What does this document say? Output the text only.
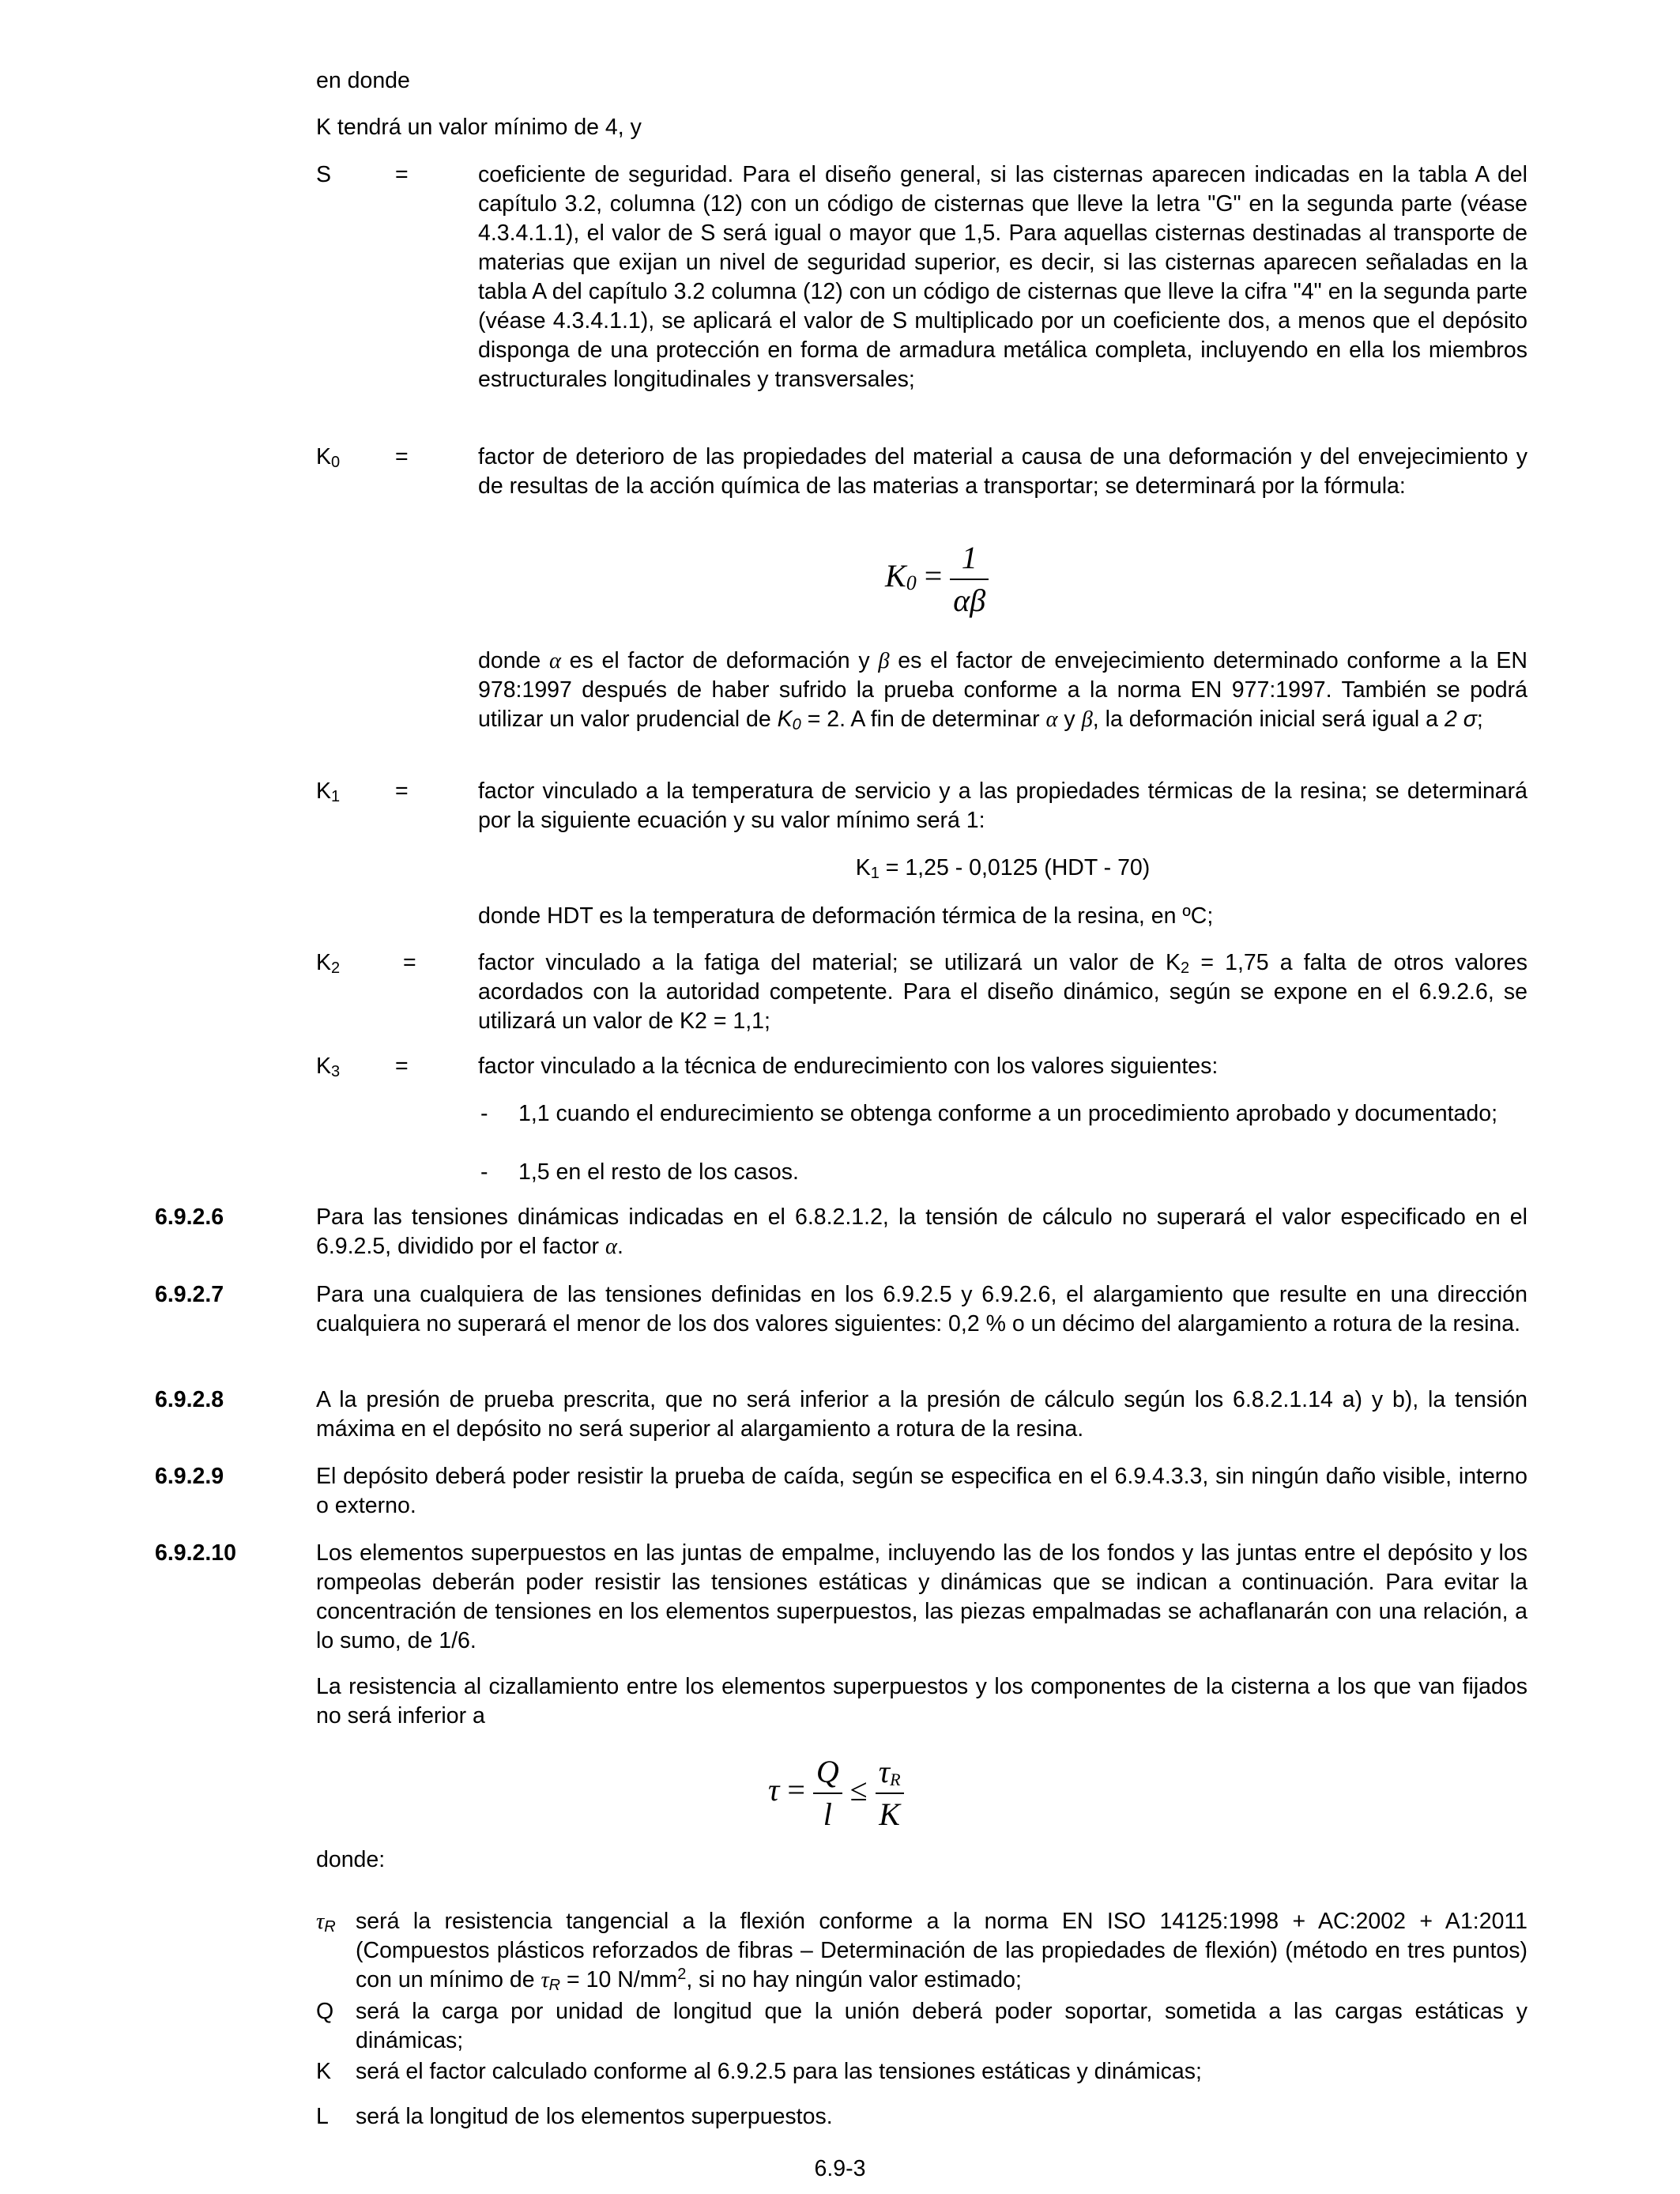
en donde
K tendrá un valor mínimo de 4, y
S	=	coeficiente de seguridad. Para el diseño general, si las cisternas aparecen indicadas en la tabla A del capítulo 3.2, columna (12) con un código de cisternas que lleve la letra "G" en la segunda parte (véase 4.3.4.1.1), el valor de S será igual o mayor que 1,5. Para aquellas cisternas destinadas al transporte de materias que exijan un nivel de seguridad superior, es decir, si las cisternas aparecen señaladas en la tabla A del capítulo 3.2 columna (12) con un código de cisternas que lleve la cifra "4" en la segunda parte (véase 4.3.4.1.1), se aplicará el valor de S multiplicado por un coeficiente dos, a menos que el depósito disponga de una protección en forma de armadura metálica completa, incluyendo en ella los miembros estructurales longitudinales y transversales;
$K_0$ =	factor de deterioro de las propiedades del material a causa de una deformación y del envejecimiento y de resultas de la acción química de las materias a transportar; se determinará por la fórmula:
$K_0 = \frac{1}{\alpha\beta}$
donde α es el factor de deformación y β es el factor de envejecimiento determinado conforme a la EN 978:1997 después de haber sufrido la prueba conforme a la norma EN 977:1997. También se podrá utilizar un valor prudencial de $K_0 = 2$. A fin de determinar α y β, la deformación inicial será igual a 2 σ;
$K_1$ =	factor vinculado a la temperatura de servicio y a las propiedades térmicas de la resina; se determinará por la siguiente ecuación y su valor mínimo será 1:
$K_1 = 1,25 - 0,0125$ (HDT - 70)
donde HDT es la temperatura de deformación térmica de la resina, en ºC;
$K_2$	=	factor vinculado a la fatiga del material; se utilizará un valor de $K_2 = 1,75$ a falta de otros valores acordados con la autoridad competente. Para el diseño dinámico, según se expone en el 6.9.2.6, se utilizará un valor de K2 = 1,1;
$K_3$ =	factor vinculado a la técnica de endurecimiento con los valores siguientes:
- 1,1 cuando el endurecimiento se obtenga conforme a un procedimiento aprobado y documentado;
- 1,5 en el resto de los casos.
6.9.2.6	Para las tensiones dinámicas indicadas en el 6.8.2.1.2, la tensión de cálculo no superará el valor especificado en el 6.9.2.5, dividido por el factor α.
6.9.2.7	Para una cualquiera de las tensiones definidas en los 6.9.2.5 y 6.9.2.6, el alargamiento que resulte en una dirección cualquiera no superará el menor de los dos valores siguientes: 0,2 % o un décimo del alargamiento a rotura de la resina.
6.9.2.8	A la presión de prueba prescrita, que no será inferior a la presión de cálculo según los 6.8.2.1.14 a) y b), la tensión máxima en el depósito no será superior al alargamiento a rotura de la resina.
6.9.2.9	El depósito deberá poder resistir la prueba de caída, según se especifica en el 6.9.4.3.3, sin ningún daño visible, interno o externo.
6.9.2.10	Los elementos superpuestos en las juntas de empalme, incluyendo las de los fondos y las juntas entre el depósito y los rompeolas deberán poder resistir las tensiones estáticas y dinámicas que se indican a continuación. Para evitar la concentración de tensiones en los elementos superpuestos, las piezas empalmadas se achaflanarán con una relación, a lo sumo, de 1/6.
La resistencia al cizallamiento entre los elementos superpuestos y los componentes de la cisterna a los que van fijados no será inferior a
$\tau = \frac{Q}{l} \le \frac{\tau_R}{K}$
donde:
$\tau_R$ será la resistencia tangencial a la flexión conforme a la norma EN ISO 14125:1998 + AC:2002 + A1:2011 (Compuestos plásticos reforzados de fibras – Determinación de las propiedades de flexión) (método en tres puntos) con un mínimo de $\tau_R = 10$ $N/mm^2$, si no hay ningún valor estimado;
Q será la carga por unidad de longitud que la unión deberá poder soportar, sometida a las cargas estáticas y dinámicas;
K será el factor calculado conforme al 6.9.2.5 para las tensiones estáticas y dinámicas;
L será la longitud de los elementos superpuestos.
6.9-3
